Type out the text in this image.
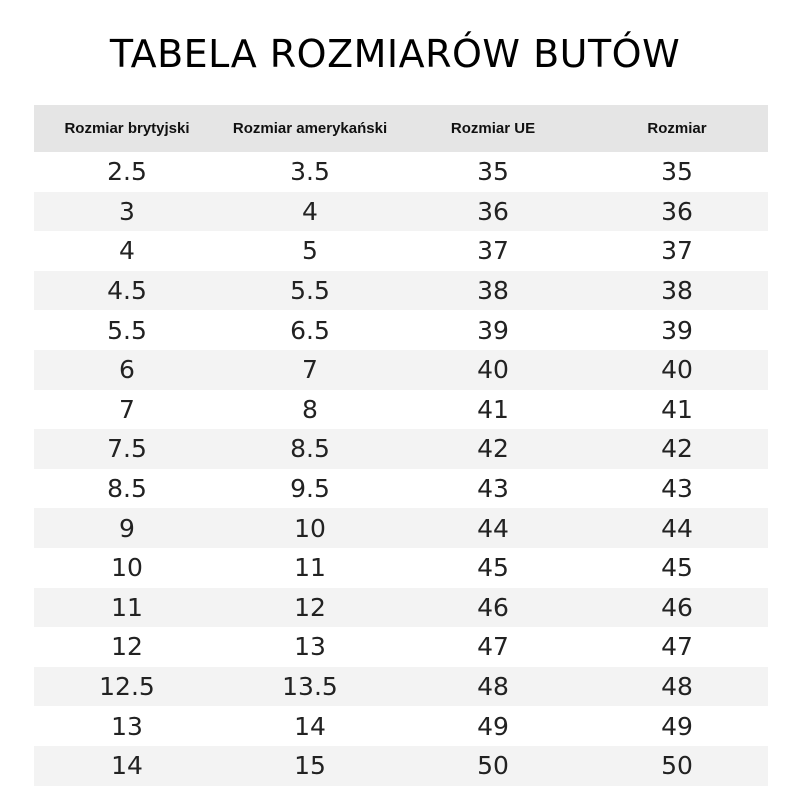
TABELA ROZMIARÓW BUTÓW
Rozmiar brytyjski	Rozmiar amerykański	Rozmiar UE	Rozmiar
2.5	3.5	35	35
3	4	36	36
4	5	37	37
4.5	5.5	38	38
5.5	6.5	39	39
6	7	40	40
7	8	41	41
7.5	8.5	42	42
8.5	9.5	43	43
9	10	44	44
10	11	45	45
11	12	46	46
12	13	47	47
12.5	13.5	48	48
13	14	49	49
14	15	50	50
